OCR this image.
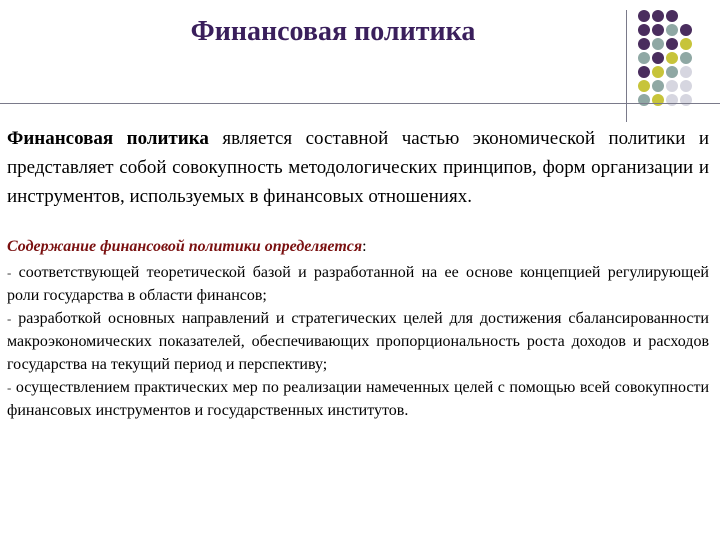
Финансовая политика
Финансовая политика является составной частью экономической политики и представляет собой совокупность методологических принципов, форм организации и инструментов, используемых в финансовых отношениях.
Содержание финансовой политики определяется:

- соответствующей теоретической базой и разработанной на ее основе концепцией регулирующей роли государства в области финансов;

- разработкой основных направлений и стратегических целей для достижения сбалансированности макроэкономических показателей, обеспечивающих пропорциональность роста доходов и расходов государства на текущий период и перспективу;

- осуществлением практических мер по реализации намеченных целей с помощью всей совокупности финансовых инструментов и государственных институтов.
